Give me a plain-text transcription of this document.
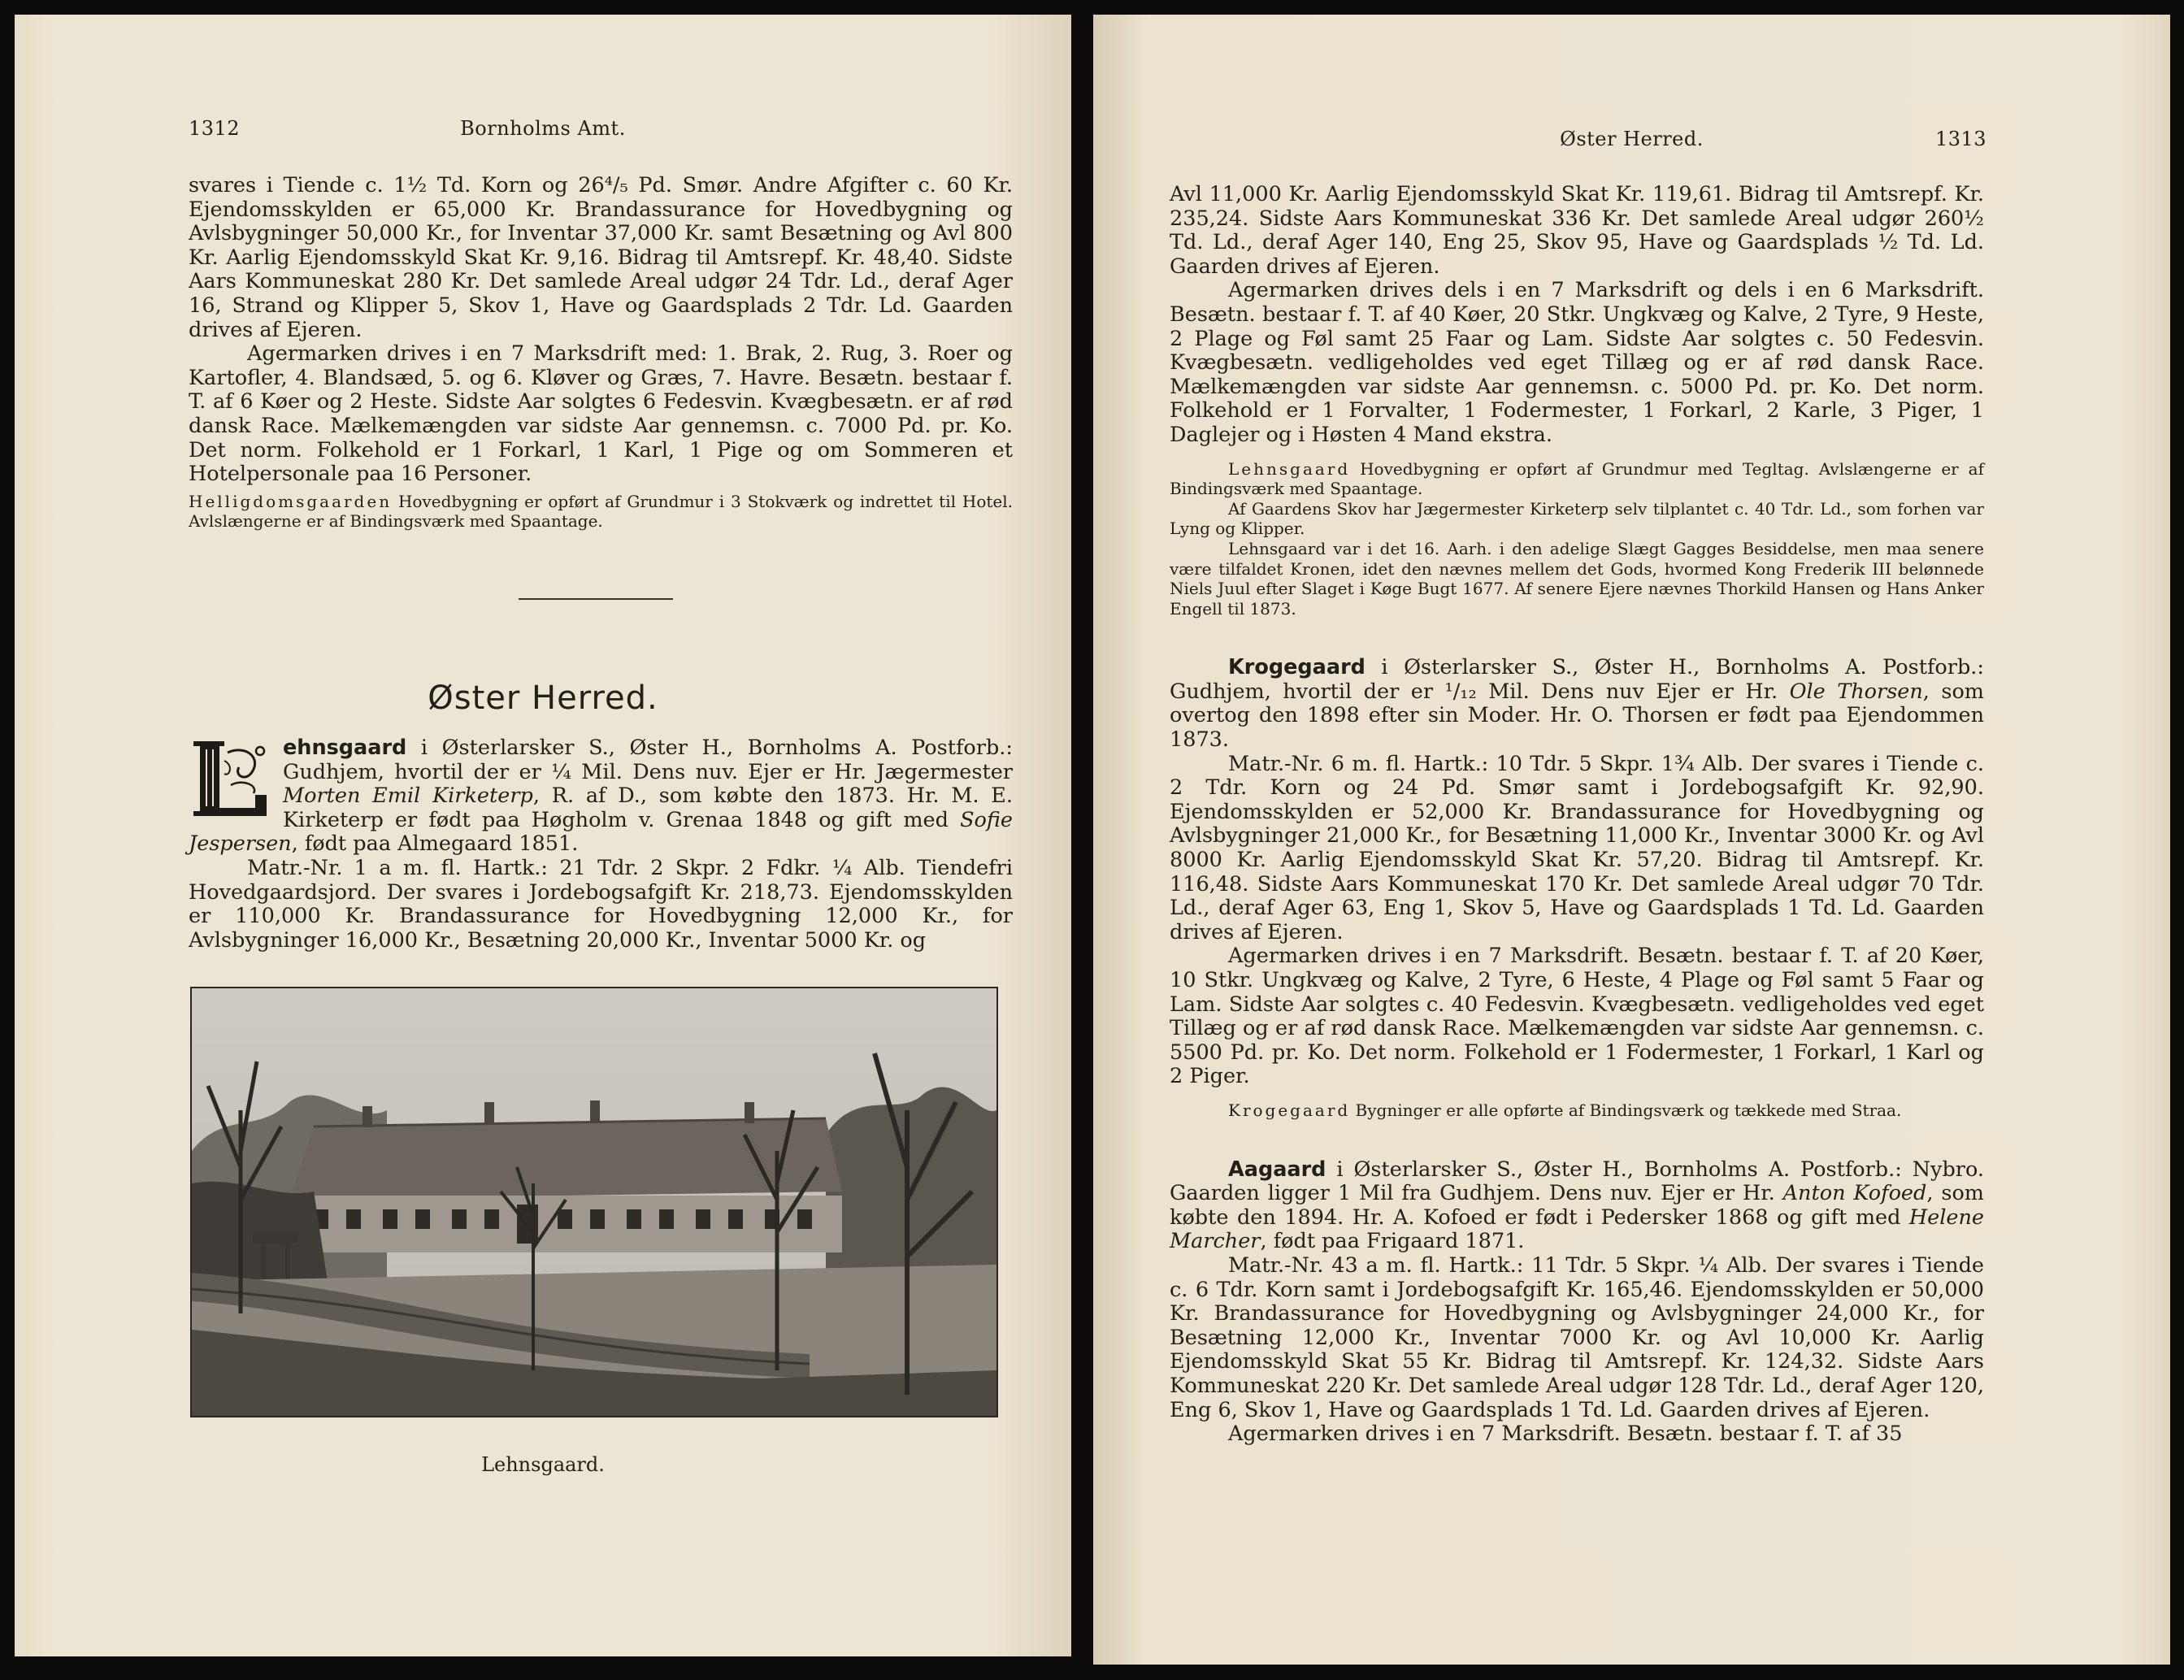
1312	Bornholms Amt.

svares i Tiende c. 1½ Td. Korn og 26⁴/₅ Pd. Smør. Andre Afgifter c. 60 Kr. Ejendomsskylden er 65,000 Kr. Brandassurance for Hovedbygning og Avlsbygninger 50,000 Kr., for Inventar 37,000 Kr. samt Besætning og Avl 800 Kr. Aarlig Ejendomsskyld Skat Kr. 9,16. Bidrag til Amtsrepf. Kr. 48,40. Sidste Aars Kommuneskat 280 Kr. Det samlede Areal udgør 24 Tdr. Ld., deraf Ager 16, Strand og Klipper 5, Skov 1, Have og Gaardsplads 2 Tdr. Ld. Gaarden drives af Ejeren.

Agermarken drives i en 7 Marksdrift med: 1. Brak, 2. Rug, 3. Roer og Kartofler, 4. Blandsæd, 5. og 6. Kløver og Græs, 7. Havre. Besætn. bestaar f. T. af 6 Køer og 2 Heste. Sidste Aar solgtes 6 Fedesvin. Kvægbesætn. er af rød dansk Race. Mælkemængden var sidste Aar gennemsn. c. 7000 Pd. pr. Ko. Det norm. Folkehold er 1 Forkarl, 1 Karl, 1 Pige og om Sommeren et Hotelpersonale paa 16 Personer.

Helligdomsgaarden Hovedbygning er opført af Grundmur i 3 Stokværk og indrettet til Hotel. Avlslængerne er af Bindingsværk med Spaantage.

Øster Herred.

ehnsgaard i Østerlarsker S., Øster H., Bornholms A. Postforb.: Gudhjem, hvortil der er ¼ Mil. Dens nuv. Ejer er Hr. Jægermester Morten Emil Kirketerp, R. af D., som købte den 1873. Hr. M. E. Kirketerp er født paa Høgholm v. Grenaa 1848 og gift med Sofie Jespersen, født paa Almegaard 1851.

Matr.-Nr. 1 a m. fl. Hartk.: 21 Tdr. 2 Skpr. 2 Fdkr. ¼ Alb. Tiendefri Hovedgaardsjord. Der svares i Jordebogsafgift Kr. 218,73. Ejendomsskylden er 110,000 Kr. Brandassurance for Hovedbygning 12,000 Kr., for Avlsbygninger 16,000 Kr., Besætning 20,000 Kr., Inventar 5000 Kr. og

Lehnsgaard.
Øster Herred.	1313

Avl 11,000 Kr. Aarlig Ejendomsskyld Skat Kr. 119,61. Bidrag til Amtsrepf. Kr. 235,24. Sidste Aars Kommuneskat 336 Kr. Det samlede Areal udgør 260½ Td. Ld., deraf Ager 140, Eng 25, Skov 95, Have og Gaardsplads ½ Td. Ld. Gaarden drives af Ejeren.

Agermarken drives dels i en 7 Marksdrift og dels i en 6 Marksdrift. Besætn. bestaar f. T. af 40 Køer, 20 Stkr. Ungkvæg og Kalve, 2 Tyre, 9 Heste, 2 Plage og Føl samt 25 Faar og Lam. Sidste Aar solgtes c. 50 Fedesvin. Kvægbesætn. vedligeholdes ved eget Tillæg og er af rød dansk Race. Mælkemængden var sidste Aar gennemsn. c. 5000 Pd. pr. Ko. Det norm. Folkehold er 1 Forvalter, 1 Fodermester, 1 Forkarl, 2 Karle, 3 Piger, 1 Daglejer og i Høsten 4 Mand ekstra.

Lehnsgaard Hovedbygning er opført af Grundmur med Tegltag. Avlslængerne er af Bindingsværk med Spaantage.

Af Gaardens Skov har Jægermester Kirketerp selv tilplantet c. 40 Tdr. Ld., som forhen var Lyng og Klipper.

Lehnsgaard var i det 16. Aarh. i den adelige Slægt Gagges Besiddelse, men maa senere være tilfaldet Kronen, idet den nævnes mellem det Gods, hvormed Kong Frederik III belønnede Niels Juul efter Slaget i Køge Bugt 1677. Af senere Ejere nævnes Thorkild Hansen og Hans Anker Engell til 1873.

Krogegaard i Østerlarsker S., Øster H., Bornholms A. Postforb.: Gudhjem, hvortil der er ¹/₁₂ Mil. Dens nuv Ejer er Hr. Ole Thorsen, som overtog den 1898 efter sin Moder. Hr. O. Thorsen er født paa Ejendommen 1873.

Matr.-Nr. 6 m. fl. Hartk.: 10 Tdr. 5 Skpr. 1¾ Alb. Der svares i Tiende c. 2 Tdr. Korn og 24 Pd. Smør samt i Jordebogsafgift Kr. 92,90. Ejendomsskylden er 52,000 Kr. Brandassurance for Hovedbygning og Avlsbygninger 21,000 Kr., for Besætning 11,000 Kr., Inventar 3000 Kr. og Avl 8000 Kr. Aarlig Ejendomsskyld Skat Kr. 57,20. Bidrag til Amtsrepf. Kr. 116,48. Sidste Aars Kommuneskat 170 Kr. Det samlede Areal udgør 70 Tdr. Ld., deraf Ager 63, Eng 1, Skov 5, Have og Gaardsplads 1 Td. Ld. Gaarden drives af Ejeren.

Agermarken drives i en 7 Marksdrift. Besætn. bestaar f. T. af 20 Køer, 10 Stkr. Ungkvæg og Kalve, 2 Tyre, 6 Heste, 4 Plage og Føl samt 5 Faar og Lam. Sidste Aar solgtes c. 40 Fedesvin. Kvægbesætn. vedligeholdes ved eget Tillæg og er af rød dansk Race. Mælkemængden var sidste Aar gennemsn. c. 5500 Pd. pr. Ko. Det norm. Folkehold er 1 Fodermester, 1 Forkarl, 1 Karl og 2 Piger.

Krogegaard Bygninger er alle opførte af Bindingsværk og tækkede med Straa.

Aagaard i Østerlarsker S., Øster H., Bornholms A. Postforb.: Nybro. Gaarden ligger 1 Mil fra Gudhjem. Dens nuv. Ejer er Hr. Anton Kofoed, som købte den 1894. Hr. A. Kofoed er født i Pedersker 1868 og gift med Helene Marcher, født paa Frigaard 1871.

Matr.-Nr. 43 a m. fl. Hartk.: 11 Tdr. 5 Skpr. ¼ Alb. Der svares i Tiende c. 6 Tdr. Korn samt i Jordebogsafgift Kr. 165,46. Ejendomsskylden er 50,000 Kr. Brandassurance for Hovedbygning og Avlsbygninger 24,000 Kr., for Besætning 12,000 Kr., Inventar 7000 Kr. og Avl 10,000 Kr. Aarlig Ejendomsskyld Skat 55 Kr. Bidrag til Amtsrepf. Kr. 124,32. Sidste Aars Kommuneskat 220 Kr. Det samlede Areal udgør 128 Tdr. Ld., deraf Ager 120, Eng 6, Skov 1, Have og Gaardsplads 1 Td. Ld. Gaarden drives af Ejeren.

Agermarken drives i en 7 Marksdrift. Besætn. bestaar f. T. af 35
